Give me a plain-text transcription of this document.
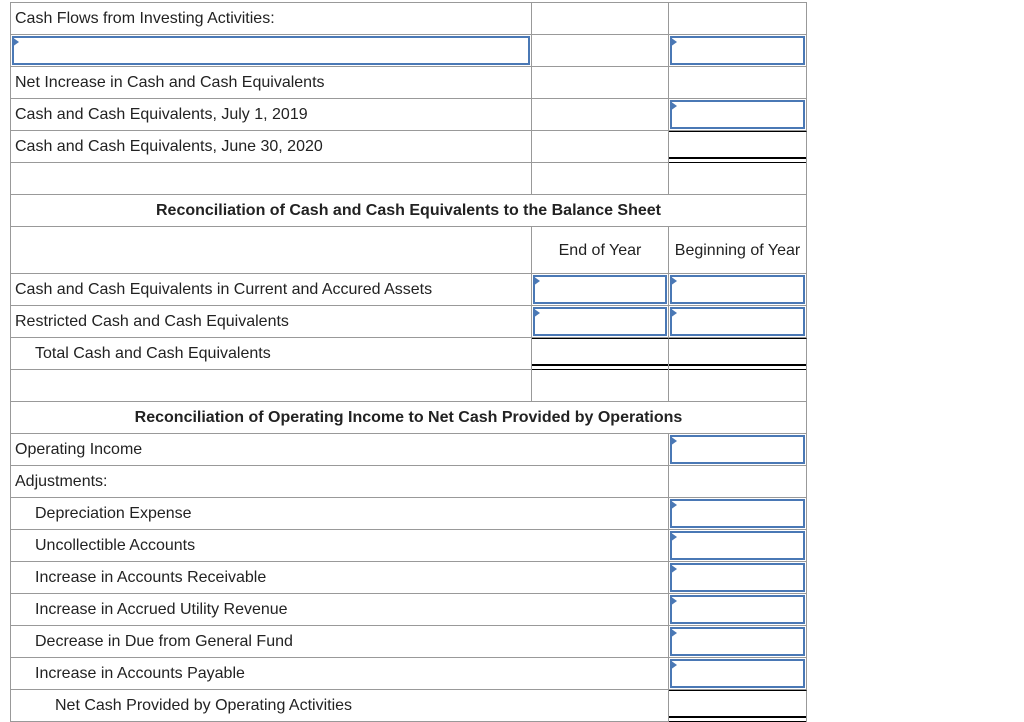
Cash Flows from Investing Activities:
Net Increase in Cash and Cash Equivalents
Cash and Cash Equivalents, July 1, 2019
Cash and Cash Equivalents, June 30, 2020
Reconciliation of Cash and Cash Equivalents to the Balance Sheet
End of Year	Beginning of Year
Cash and Cash Equivalents in Current and Accured Assets
Restricted Cash and Cash Equivalents
Total Cash and Cash Equivalents
Reconciliation of Operating Income to Net Cash Provided by Operations
Operating Income
Adjustments:
Depreciation Expense
Uncollectible Accounts
Increase in Accounts Receivable
Increase in Accrued Utility Revenue
Decrease in Due from General Fund
Increase in Accounts Payable
Net Cash Provided by Operating Activities
